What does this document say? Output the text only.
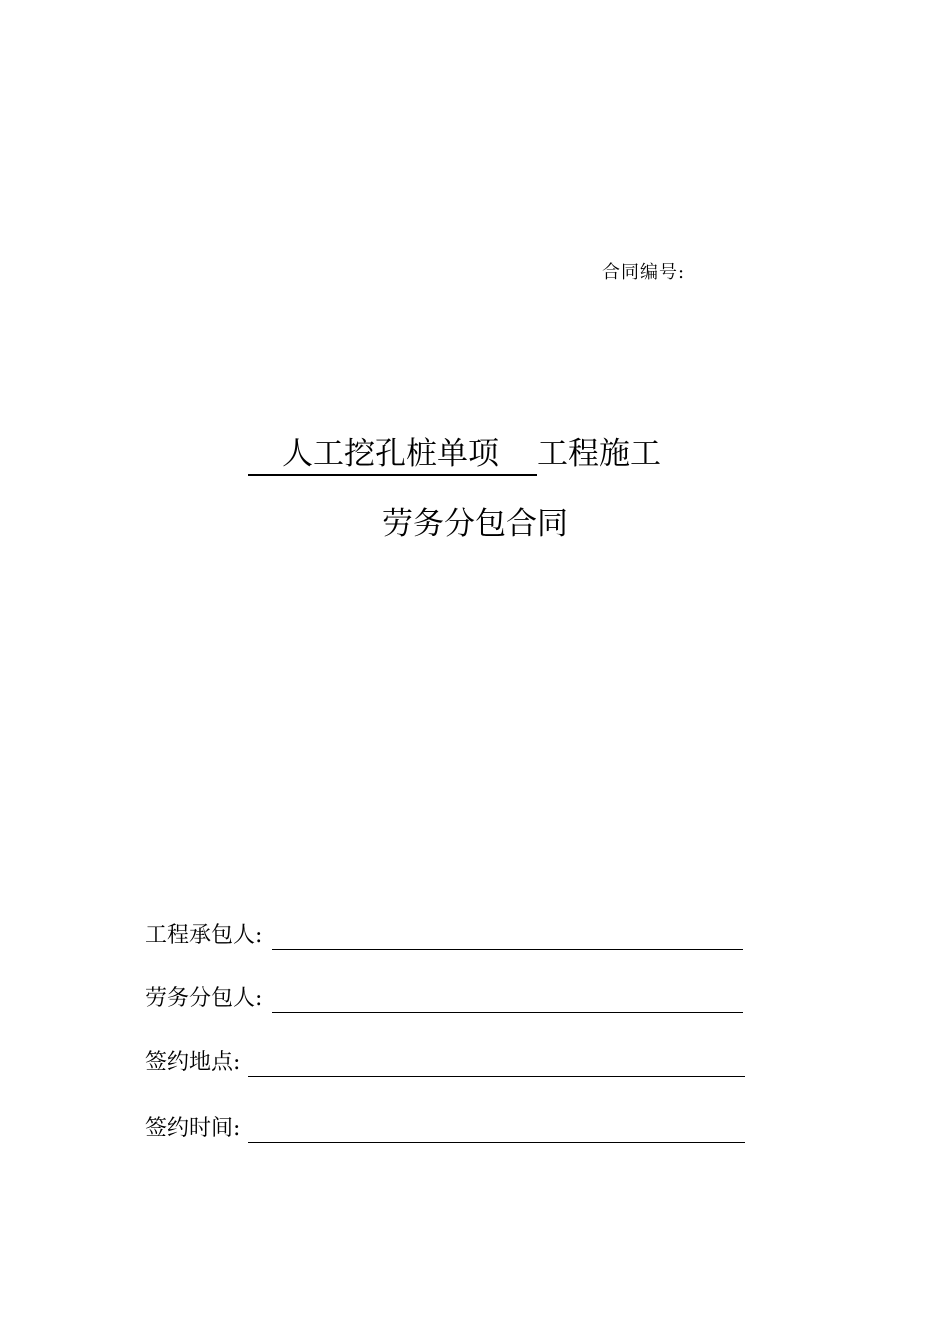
合同编号:
人工挖孔桩单项	工程施工
劳务分包合同
工程承包人:
劳务分包人:
签约地点:
签约时间:
